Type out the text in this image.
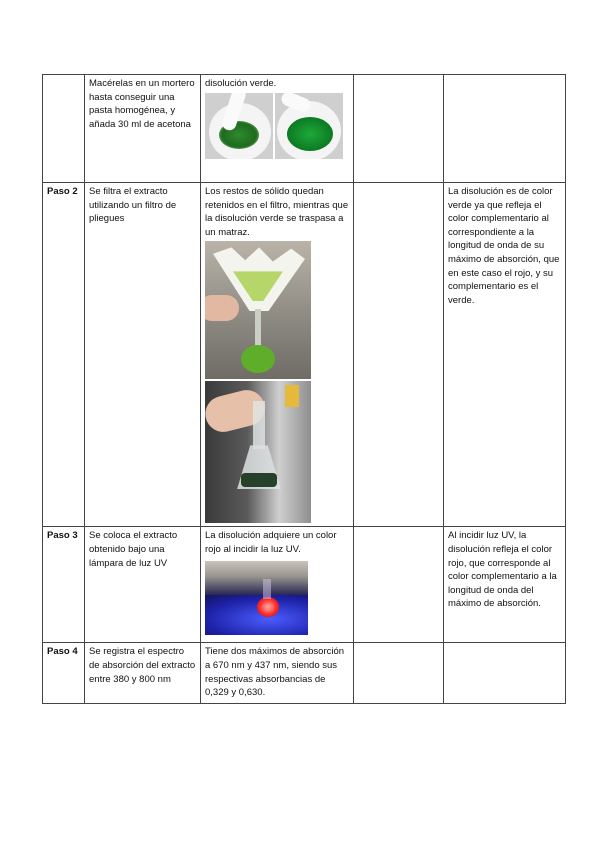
	Macérelas en un mortero hasta conseguir una pasta homogénea, y añada 30 ml de acetona	disolución verde.		

Paso 2	Se filtra el extracto utilizando un filtro de pliegues	Los restos de sólido quedan retenidos en el filtro, mientras que la disolución verde se traspasa a un matraz.		La disolución es de color verde ya que refleja el color complementario al correspondiente a la longitud de onda de su máximo de absorción, que en este caso el rojo, y su complementario es el verde.
Paso 3	Se coloca el extracto obtenido bajo una lámpara de luz UV	La disolución adquiere un color rojo al incidir la luz UV.		Al incidir luz UV, la disolución refleja el color rojo, que corresponde al color complementario a la longitud de onda del máximo de absorción.
Paso 4	Se registra el espectro de absorción del extracto entre 380 y 800 nm	Tiene dos máximos de absorción a 670 nm y 437 nm, siendo sus respectivas absorbancias de 0,329 y 0,630.		
